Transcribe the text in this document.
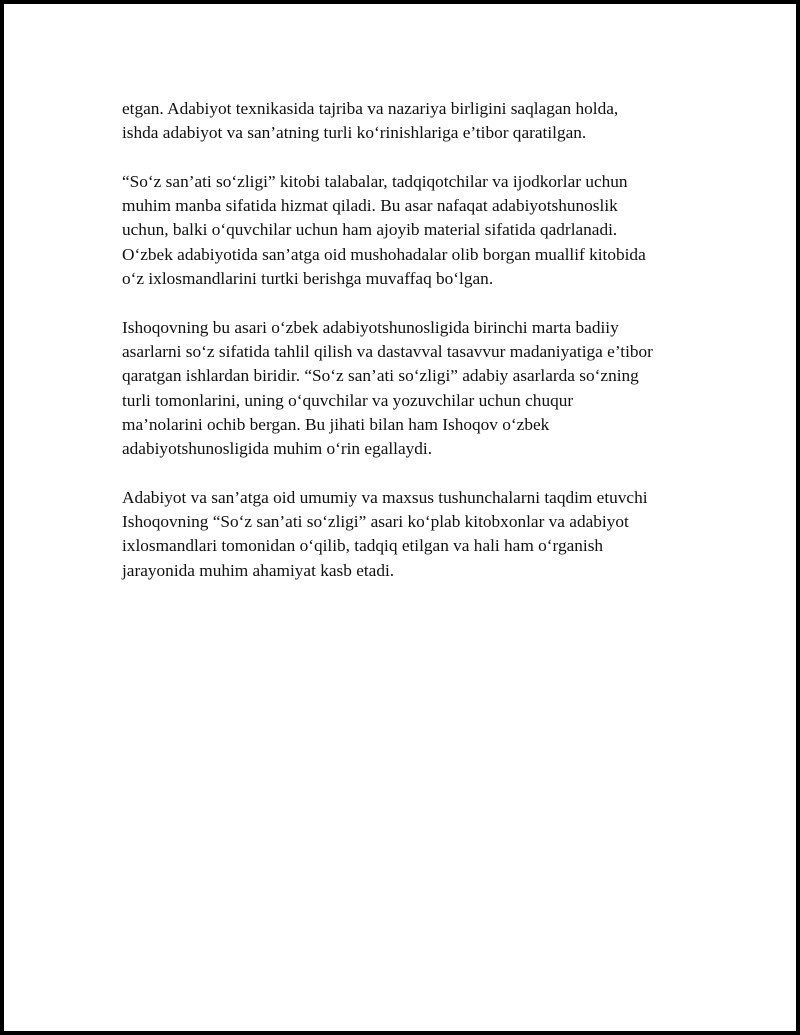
etgan. Adabiyot texnikasida tajriba va nazariya birligini saqlagan holda,
ishda adabiyot va san’atning turli ko‘rinishlariga e’tibor qaratilgan.

“So‘z san’ati so‘zligi” kitobi talabalar, tadqiqotchilar va ijodkorlar uchun
muhim manba sifatida hizmat qiladi. Bu asar nafaqat adabiyotshunoslik
uchun, balki o‘quvchilar uchun ham ajoyib material sifatida qadrlanadi.
O‘zbek adabiyotida san’atga oid mushohadalar olib borgan muallif kitobida
o‘z ixlosmandlarini turtki berishga muvaffaq bo‘lgan.

Ishoqovning bu asari o‘zbek adabiyotshunosligida birinchi marta badiiy
asarlarni so‘z sifatida tahlil qilish va dastavval tasavvur madaniyatiga e’tibor
qaratgan ishlardan biridir. “So‘z san’ati so‘zligi” adabiy asarlarda so‘zning
turli tomonlarini, uning o‘quvchilar va yozuvchilar uchun chuqur
ma’nolarini ochib bergan. Bu jihati bilan ham Ishoqov o‘zbek
adabiyotshunosligida muhim o‘rin egallaydi.

Adabiyot va san’atga oid umumiy va maxsus tushunchalarni taqdim etuvchi
Ishoqovning “So‘z san’ati so‘zligi” asari ko‘plab kitobxonlar va adabiyot
ixlosmandlari tomonidan o‘qilib, tadqiq etilgan va hali ham o‘rganish
jarayonida muhim ahamiyat kasb etadi.
